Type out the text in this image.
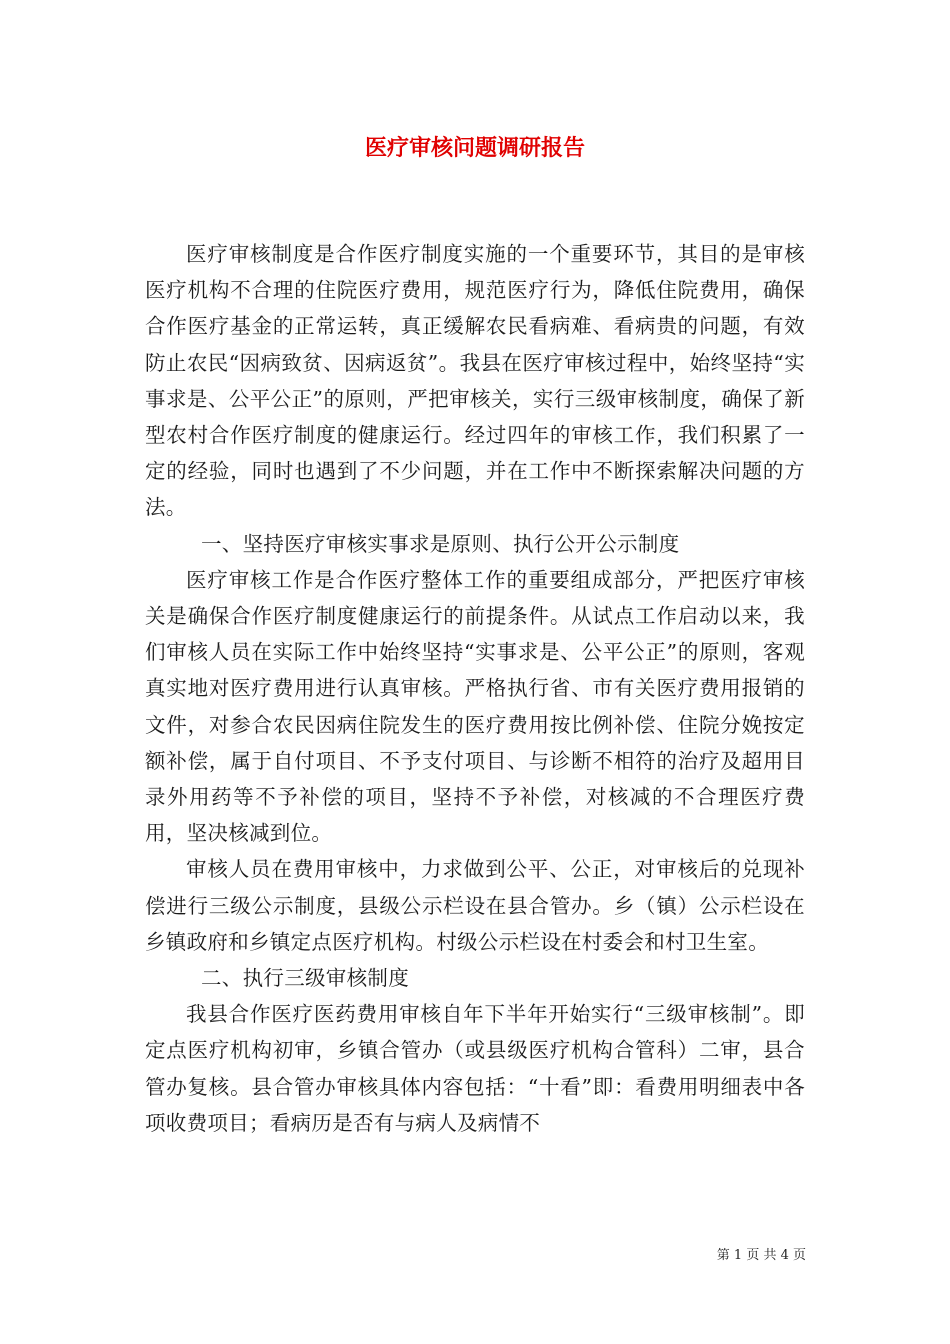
医疗审核问题调研报告

医疗审核制度是合作医疗制度实施的一个重要环节，其目的是审核医疗机构不合理的住院医疗费用，规范医疗行为，降低住院费用，确保合作医疗基金的正常运转，真正缓解农民看病难、看病贵的问题，有效防止农民“因病致贫、因病返贫”。我县在医疗审核过程中，始终坚持“实事求是、公平公正”的原则，严把审核关，实行三级审核制度，确保了新型农村合作医疗制度的健康运行。经过四年的审核工作，我们积累了一定的经验，同时也遇到了不少问题，并在工作中不断探索解决问题的方法。

一、坚持医疗审核实事求是原则、执行公开公示制度

医疗审核工作是合作医疗整体工作的重要组成部分，严把医疗审核关是确保合作医疗制度健康运行的前提条件。从试点工作启动以来，我们审核人员在实际工作中始终坚持“实事求是、公平公正”的原则，客观真实地对医疗费用进行认真审核。严格执行省、市有关医疗费用报销的文件，对参合农民因病住院发生的医疗费用按比例补偿、住院分娩按定额补偿，属于自付项目、不予支付项目、与诊断不相符的治疗及超用目录外用药等不予补偿的项目，坚持不予补偿，对核减的不合理医疗费用，坚决核减到位。

审核人员在费用审核中，力求做到公平、公正，对审核后的兑现补偿进行三级公示制度，县级公示栏设在县合管办。乡（镇）公示栏设在乡镇政府和乡镇定点医疗机构。村级公示栏设在村委会和村卫生室。

二、执行三级审核制度

我县合作医疗医药费用审核自年下半年开始实行“三级审核制”。即定点医疗机构初审，乡镇合管办（或县级医疗机构合管科）二审，县合管办复核。县合管办审核具体内容包括：“十看”即：看费用明细表中各项收费项目；看病历是否有与病人及病情不

第 1 页 共 4 页
